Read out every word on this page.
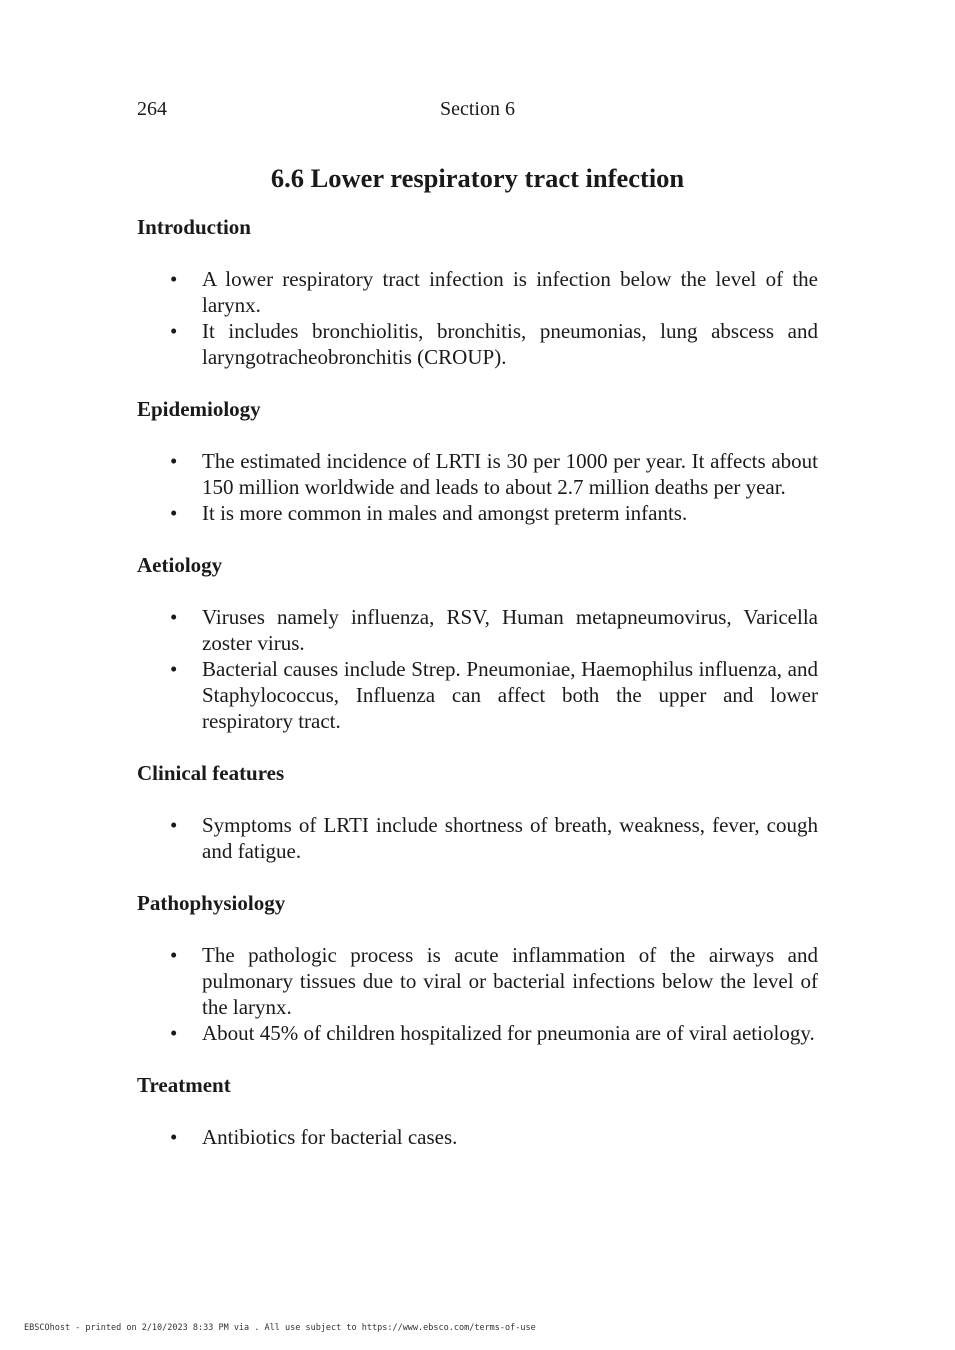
264	Section 6
6.6 Lower respiratory tract infection
Introduction
• A lower respiratory tract infection is infection below the level of the larynx.
• It includes bronchiolitis, bronchitis, pneumonias, lung abscess and laryngotracheobronchitis (CROUP).
Epidemiology
• The estimated incidence of LRTI is 30 per 1000 per year. It affects about 150 million worldwide and leads to about 2.7 million deaths per year.
• It is more common in males and amongst preterm infants.
Aetiology
• Viruses namely influenza, RSV, Human metapneumovirus, Varicella zoster virus.
• Bacterial causes include Strep. Pneumoniae, Haemophilus influenza, and Staphylococcus, Influenza can affect both the upper and lower respiratory tract.
Clinical features
• Symptoms of LRTI include shortness of breath, weakness, fever, cough and fatigue.
Pathophysiology
• The pathologic process is acute inflammation of the airways and pulmonary tissues due to viral or bacterial infections below the level of the larynx.
• About 45% of children hospitalized for pneumonia are of viral aetiology.
Treatment
• Antibiotics for bacterial cases.
EBSCOhost - printed on 2/10/2023 8:33 PM via . All use subject to https://www.ebsco.com/terms-of-use
